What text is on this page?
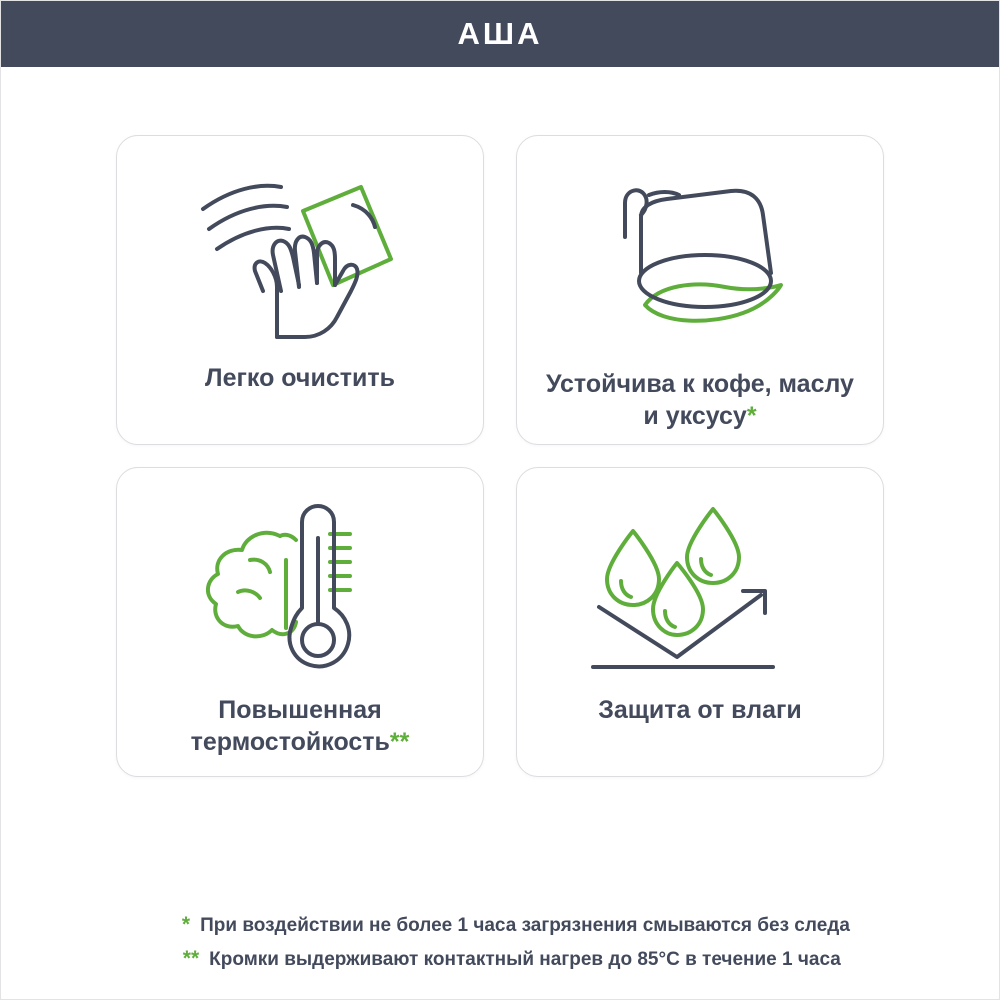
АША
Легко очистить	Устойчива к кофе, маслу и уксусу*
Повышенная термостойкость**
Защита от влаги
* При воздействии не более 1 часа загрязнения смываются без следа
** Кромки выдерживают контактный нагрев до 85°С в течение 1 часа
